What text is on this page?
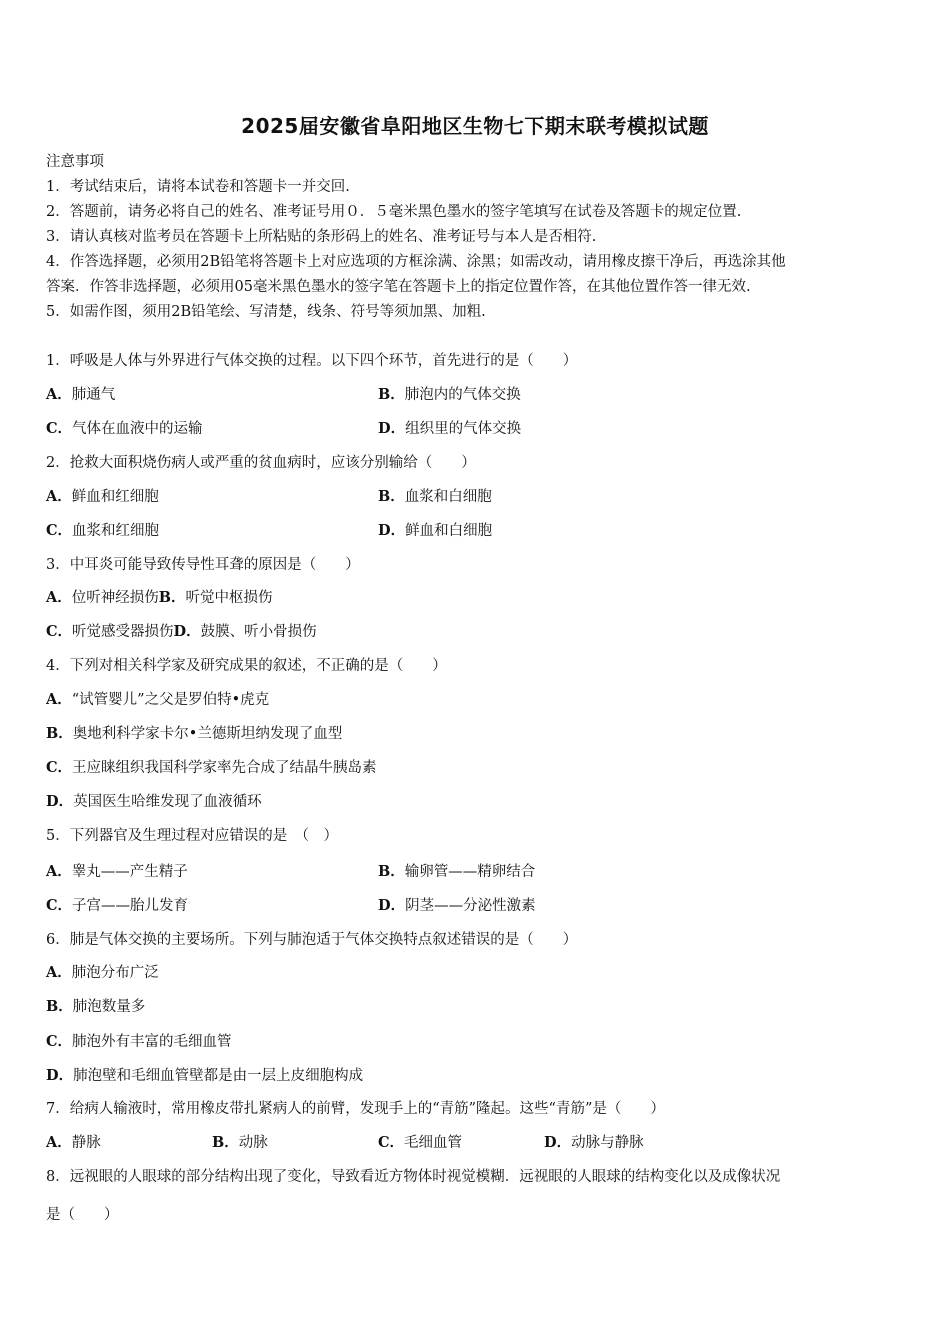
2025届安徽省阜阳地区生物七下期末联考模拟试题
注意事项
1．考试结束后，请将本试卷和答题卡一并交回.
2．答题前，请务必将自己的姓名、准考证号用０．５毫米黑色墨水的签字笔填写在试卷及答题卡的规定位置.
3．请认真核对监考员在答题卡上所粘贴的条形码上的姓名、准考证号与本人是否相符.
4．作答选择题，必须用2B铅笔将答题卡上对应选项的方框涂满、涂黑；如需改动，请用橡皮擦干净后，再选涂其他
答案．作答非选择题，必须用05毫米黑色墨水的签字笔在答题卡上的指定位置作答，在其他位置作答一律无效.
5．如需作图，须用2B铅笔绘、写清楚，线条、符号等须加黑、加粗.
1．呼吸是人体与外界进行气体交换的过程。以下四个环节，首先进行的是（　　）
A．肺通气	B．肺泡内的气体交换
C．气体在血液中的运输	D．组织里的气体交换
2．抢救大面积烧伤病人或严重的贫血病时，应该分别输给（　　）
A．鲜血和红细胞	B．血浆和白细胞
C．血浆和红细胞	D．鲜血和白细胞
3．中耳炎可能导致传导性耳聋的原因是（　　）
A．位听神经损伤B．听觉中枢损伤
C．听觉感受器损伤D．鼓膜、听小骨损伤
4．下列对相关科学家及研究成果的叙述，不正确的是（　　）
A．“试管婴儿”之父是罗伯特•虎克
B．奥地利科学家卡尔•兰德斯坦纳发现了血型
C．王应睐组织我国科学家率先合成了结晶牛胰岛素
D．英国医生哈维发现了血液循环
5．下列器官及生理过程对应错误的是　（　）
A．睾丸——产生精子	B．输卵管——精卵结合
C．子宫——胎儿发育	D．阴茎——分泌性激素
6．肺是气体交换的主要场所。下列与肺泡适于气体交换特点叙述错误的是（　　）
A．肺泡分布广泛
B．肺泡数量多
C．肺泡外有丰富的毛细血管
D．肺泡壁和毛细血管壁都是由一层上皮细胞构成
7．给病人输液时，常用橡皮带扎紧病人的前臂，发现手上的“青筋”隆起。这些“青筋”是（　　）
A．静脉	B．动脉	C．毛细血管	D．动脉与静脉
8．远视眼的人眼球的部分结构出现了变化，导致看近方物体时视觉模糊．远视眼的人眼球的结构变化以及成像状况
是（　　）
